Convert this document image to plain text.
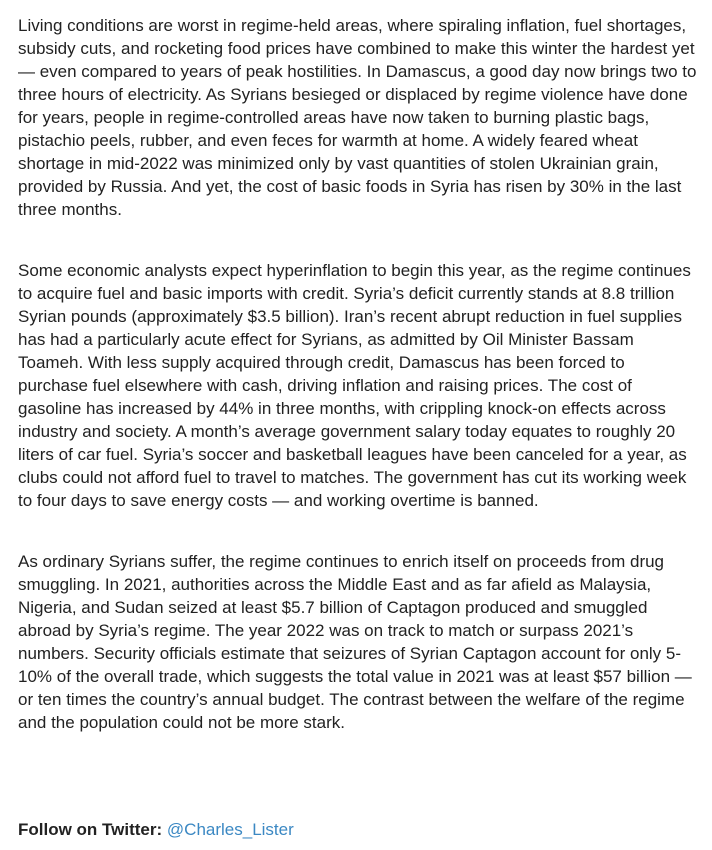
Living conditions are worst in regime-held areas, where spiraling inflation, fuel shortages, subsidy cuts, and rocketing food prices have combined to make this winter the hardest yet — even compared to years of peak hostilities. In Damascus, a good day now brings two to three hours of electricity. As Syrians besieged or displaced by regime violence have done for years, people in regime-controlled areas have now taken to burning plastic bags, pistachio peels, rubber, and even feces for warmth at home. A widely feared wheat shortage in mid-2022 was minimized only by vast quantities of stolen Ukrainian grain, provided by Russia. And yet, the cost of basic foods in Syria has risen by 30% in the last three months.

Some economic analysts expect hyperinflation to begin this year, as the regime continues to acquire fuel and basic imports with credit. Syria’s deficit currently stands at 8.8 trillion Syrian pounds (approximately $3.5 billion). Iran’s recent abrupt reduction in fuel supplies has had a particularly acute effect for Syrians, as admitted by Oil Minister Bassam Toameh. With less supply acquired through credit, Damascus has been forced to purchase fuel elsewhere with cash, driving inflation and raising prices. The cost of gasoline has increased by 44% in three months, with crippling knock-on effects across industry and society. A month’s average government salary today equates to roughly 20 liters of car fuel. Syria’s soccer and basketball leagues have been canceled for a year, as clubs could not afford fuel to travel to matches. The government has cut its working week to four days to save energy costs — and working overtime is banned.

As ordinary Syrians suffer, the regime continues to enrich itself on proceeds from drug smuggling. In 2021, authorities across the Middle East and as far afield as Malaysia, Nigeria, and Sudan seized at least $5.7 billion of Captagon produced and smuggled abroad by Syria’s regime. The year 2022 was on track to match or surpass 2021’s numbers. Security officials estimate that seizures of Syrian Captagon account for only 5-10% of the overall trade, which suggests the total value in 2021 was at least $57 billion — or ten times the country’s annual budget. The contrast between the welfare of the regime and the population could not be more stark.

Follow on Twitter: @Charles_Lister
